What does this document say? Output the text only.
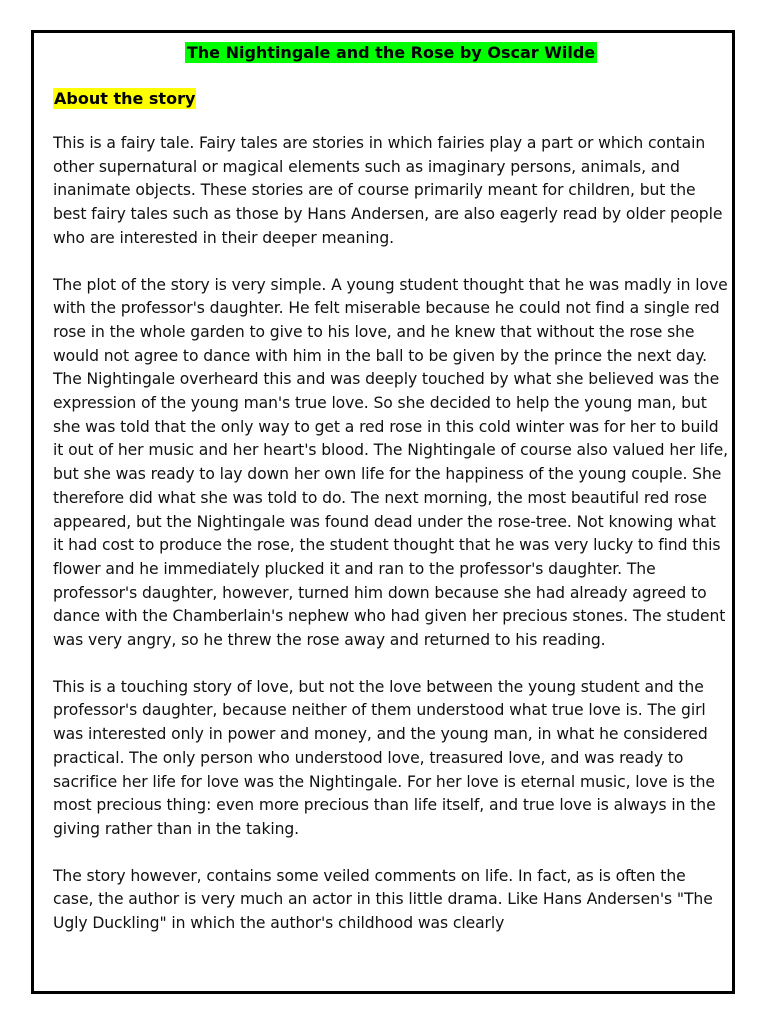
The Nightingale and the Rose by Oscar Wilde

About the story

This is a fairy tale. Fairy tales are stories in which fairies play a part or which contain other supernatural or magical elements such as imaginary persons, animals, and inanimate objects. These stories are of course primarily meant for children, but the best fairy tales such as those by Hans Andersen, are also eagerly read by older people who are interested in their deeper meaning.

The plot of the story is very simple. A young student thought that he was madly in love with the professor's daughter. He felt miserable because he could not find a single red rose in the whole garden to give to his love, and he knew that without the rose she would not agree to dance with him in the ball to be given by the prince the next day. The Nightingale overheard this and was deeply touched by what she believed was the expression of the young man's true love. So she decided to help the young man, but she was told that the only way to get a red rose in this cold winter was for her to build it out of her music and her heart's blood. The Nightingale of course also valued her life, but she was ready to lay down her own life for the happiness of the young couple. She therefore did what she was told to do. The next morning, the most beautiful red rose appeared, but the Nightingale was found dead under the rose-tree. Not knowing what it had cost to produce the rose, the student thought that he was very lucky to find this flower and he immediately plucked it and ran to the professor's daughter. The professor's daughter, however, turned him down because she had already agreed to dance with the Chamberlain's nephew who had given her precious stones. The student was very angry, so he threw the rose away and returned to his reading.

This is a touching story of love, but not the love between the young student and the professor's daughter, because neither of them understood what true love is. The girl was interested only in power and money, and the young man, in what he considered practical. The only person who understood love, treasured love, and was ready to sacrifice her life for love was the Nightingale. For her love is eternal music, love is the most precious thing: even more precious than life itself, and true love is always in the giving rather than in the taking.

The story however, contains some veiled comments on life. In fact, as is often the case, the author is very much an actor in this little drama. Like Hans Andersen's "The Ugly Duckling" in which the author's childhood was clearly
